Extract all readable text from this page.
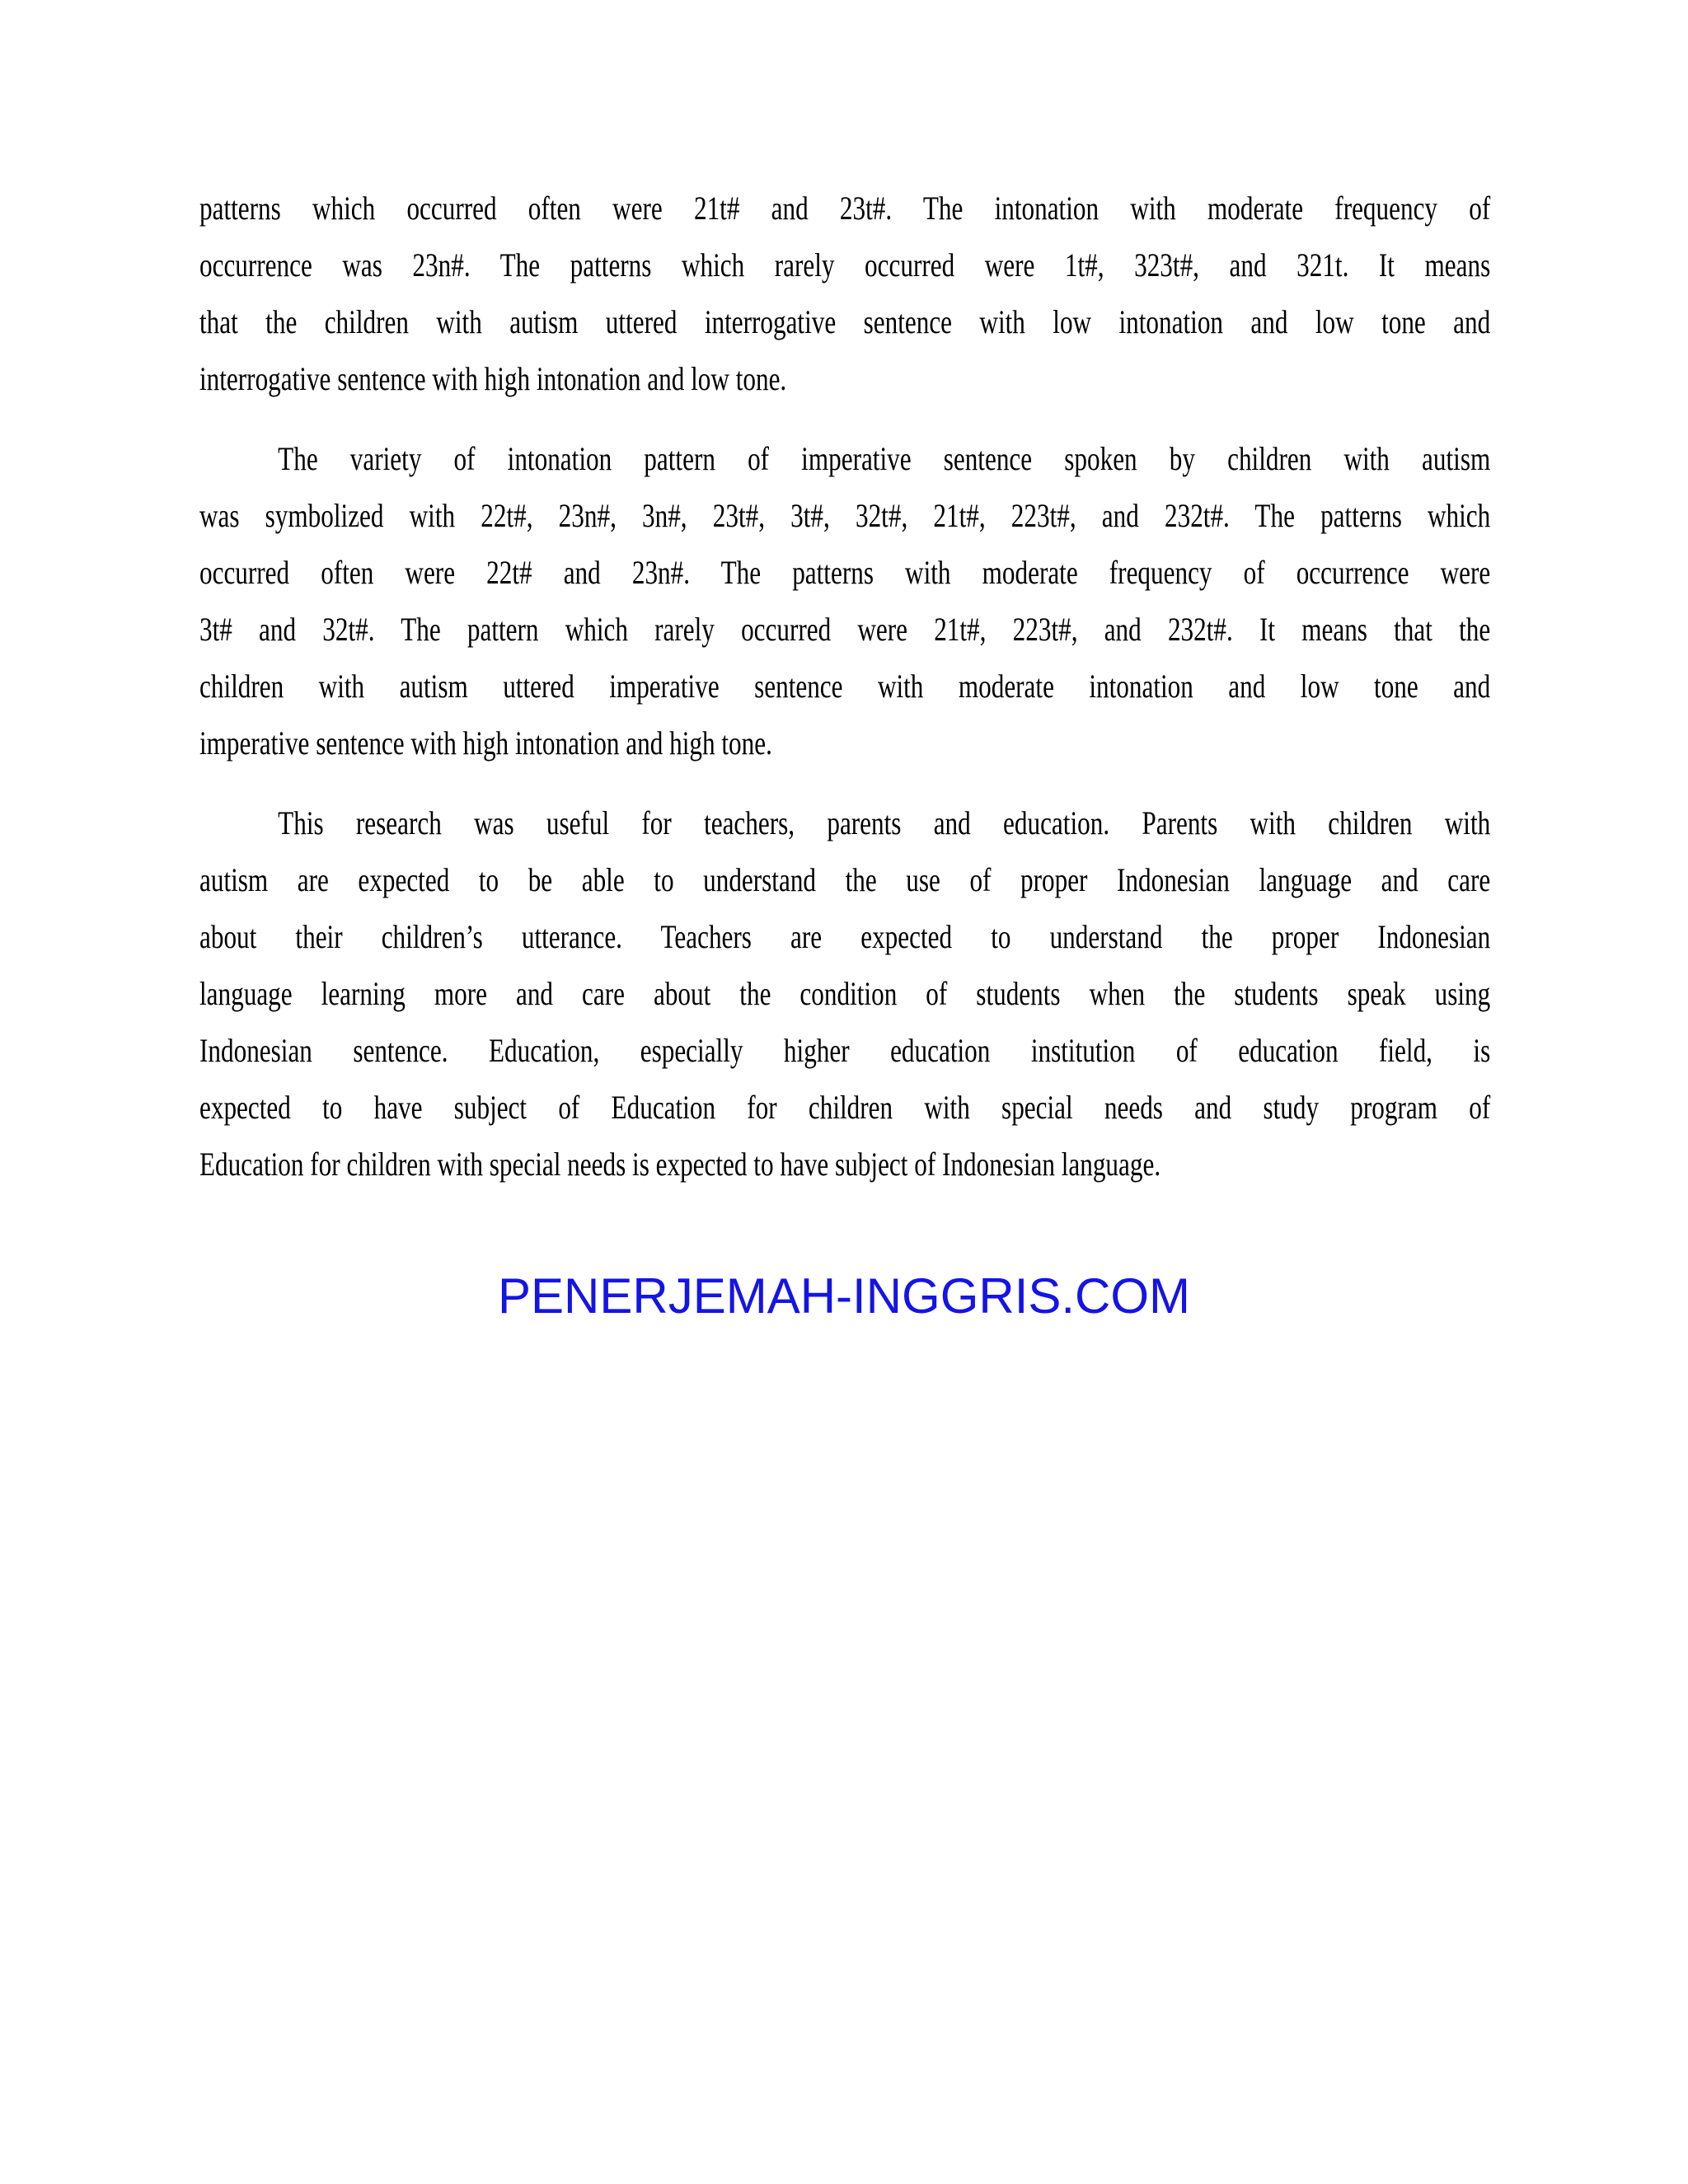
patterns which occurred often were 21t# and 23t#. The intonation with moderate frequency of
occurrence was 23n#. The patterns which rarely occurred were 1t#, 323t#, and 321t. It means
that the children with autism uttered interrogative sentence with low intonation and low tone and
interrogative sentence with high intonation and low tone.
The variety of intonation pattern of imperative sentence spoken by children with autism
was symbolized with 22t#, 23n#, 3n#, 23t#, 3t#, 32t#, 21t#, 223t#, and 232t#. The patterns which
occurred often were 22t# and 23n#. The patterns with moderate frequency of occurrence were
3t# and 32t#. The pattern which rarely occurred were 21t#, 223t#, and 232t#. It means that the
children with autism uttered imperative sentence with moderate intonation and low tone and
imperative sentence with high intonation and high tone.
This research was useful for teachers, parents and education. Parents with children with
autism are expected to be able to understand the use of proper Indonesian language and care
about their children’s utterance. Teachers are expected to understand the proper Indonesian
language learning more and care about the condition of students when the students speak using
Indonesian sentence. Education, especially higher education institution of education field, is
expected to have subject of Education for children with special needs and study program of
Education for children with special needs is expected to have subject of Indonesian language.
PENERJEMAH-INGGRIS.COM
